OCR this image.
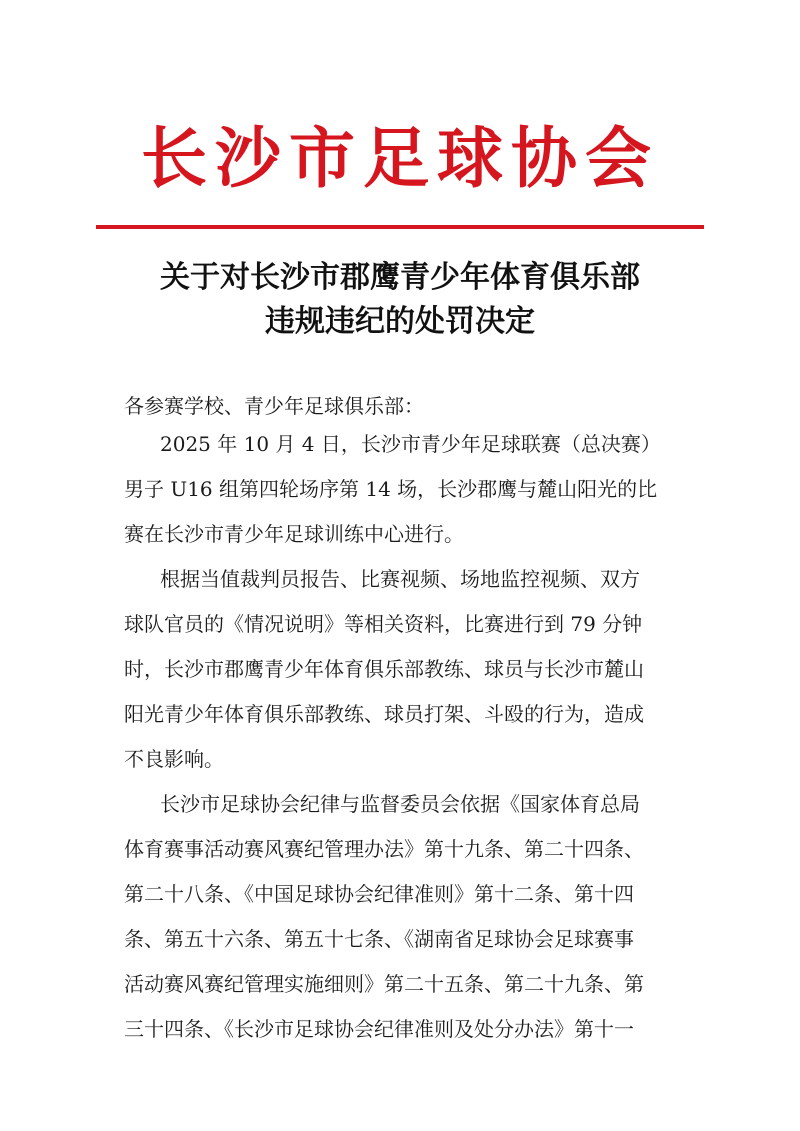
长沙市足球协会
关于对长沙市郡鹰青少年体育俱乐部
违规违纪的处罚决定
各参赛学校、青少年足球俱乐部：
2025 年 10 月 4 日，长沙市青少年足球联赛（总决赛）
男子 U16 组第四轮场序第 14 场，长沙郡鹰与麓山阳光的比
赛在长沙市青少年足球训练中心进行。
根据当值裁判员报告、比赛视频、场地监控视频、双方
球队官员的《情况说明》等相关资料，比赛进行到 79 分钟
时，长沙市郡鹰青少年体育俱乐部教练、球员与长沙市麓山
阳光青少年体育俱乐部教练、球员打架、斗殴的行为，造成
不良影响。
长沙市足球协会纪律与监督委员会依据《国家体育总局
体育赛事活动赛风赛纪管理办法》第十九条、第二十四条、
第二十八条、《中国足球协会纪律准则》第十二条、第十四
条、第五十六条、第五十七条、《湖南省足球协会足球赛事
活动赛风赛纪管理实施细则》第二十五条、第二十九条、第
三十四条、《长沙市足球协会纪律准则及处分办法》第十一
